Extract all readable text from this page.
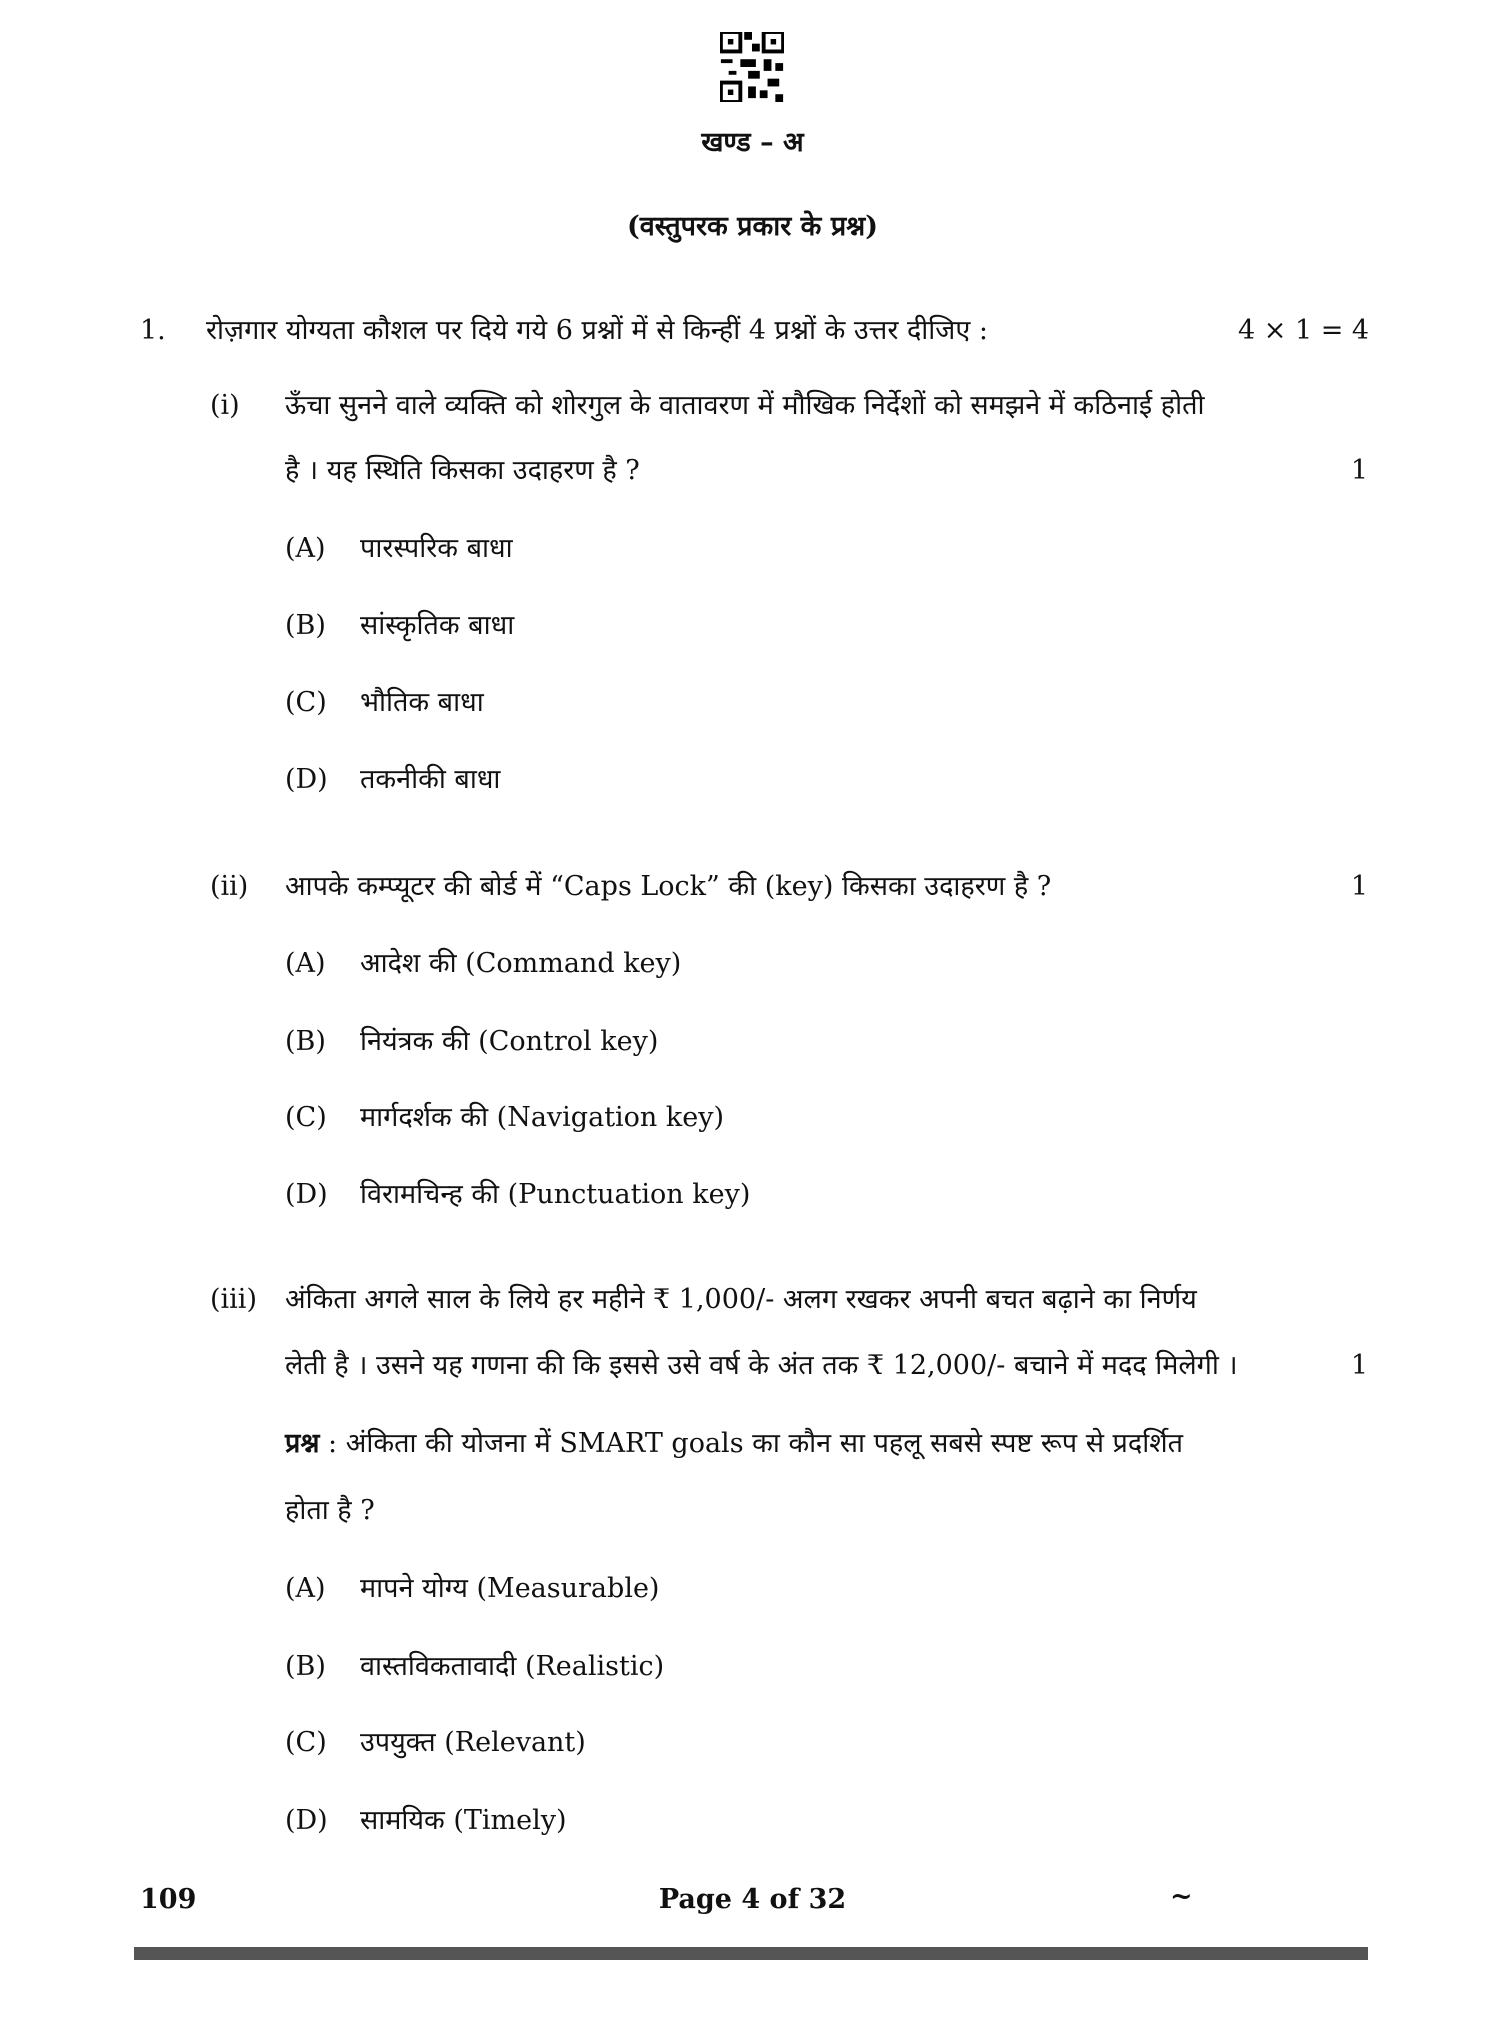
खण्ड – अ
(वस्तुपरक प्रकार के प्रश्न)
1. रोज़गार योग्यता कौशल पर दिये गये 6 प्रश्नों में से किन्हीं 4 प्रश्नों के उत्तर दीजिए :	4 × 1 = 4
(i) ऊँचा सुनने वाले व्यक्ति को शोरगुल के वातावरण में मौखिक निर्देशों को समझने में कठिनाई होती
है । यह स्थिति किसका उदाहरण है ?	1
(A) पारस्परिक बाधा
(B) सांस्कृतिक बाधा
(C) भौतिक बाधा
(D) तकनीकी बाधा
(ii) आपके कम्प्यूटर की बोर्ड में “Caps Lock” की (key) किसका उदाहरण है ?	1
(A) आदेश की (Command key)
(B) नियंत्रक की (Control key)
(C) मार्गदर्शक की (Navigation key)
(D) विरामचिन्ह की (Punctuation key)
(iii) अंकिता अगले साल के लिये हर महीने ₹ 1,000/- अलग रखकर अपनी बचत बढ़ाने का निर्णय
लेती है । उसने यह गणना की कि इससे उसे वर्ष के अंत तक ₹ 12,000/- बचाने में मदद मिलेगी ।	1
प्रश्न : अंकिता की योजना में SMART goals का कौन सा पहलू सबसे स्पष्ट रूप से प्रदर्शित
होता है ?
(A) मापने योग्य (Measurable)
(B) वास्तविकतावादी (Realistic)
(C) उपयुक्त (Relevant)
(D) सामयिक (Timely)
109	Page 4 of 32	~
